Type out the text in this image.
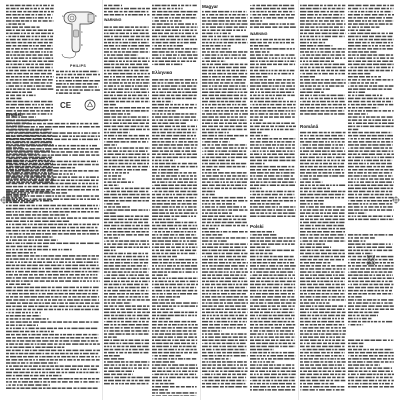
A	B
C
D
PHILIPS
CE
English
WARNING
Ελληνικα
Magyar
WARNING
Polski
Română
